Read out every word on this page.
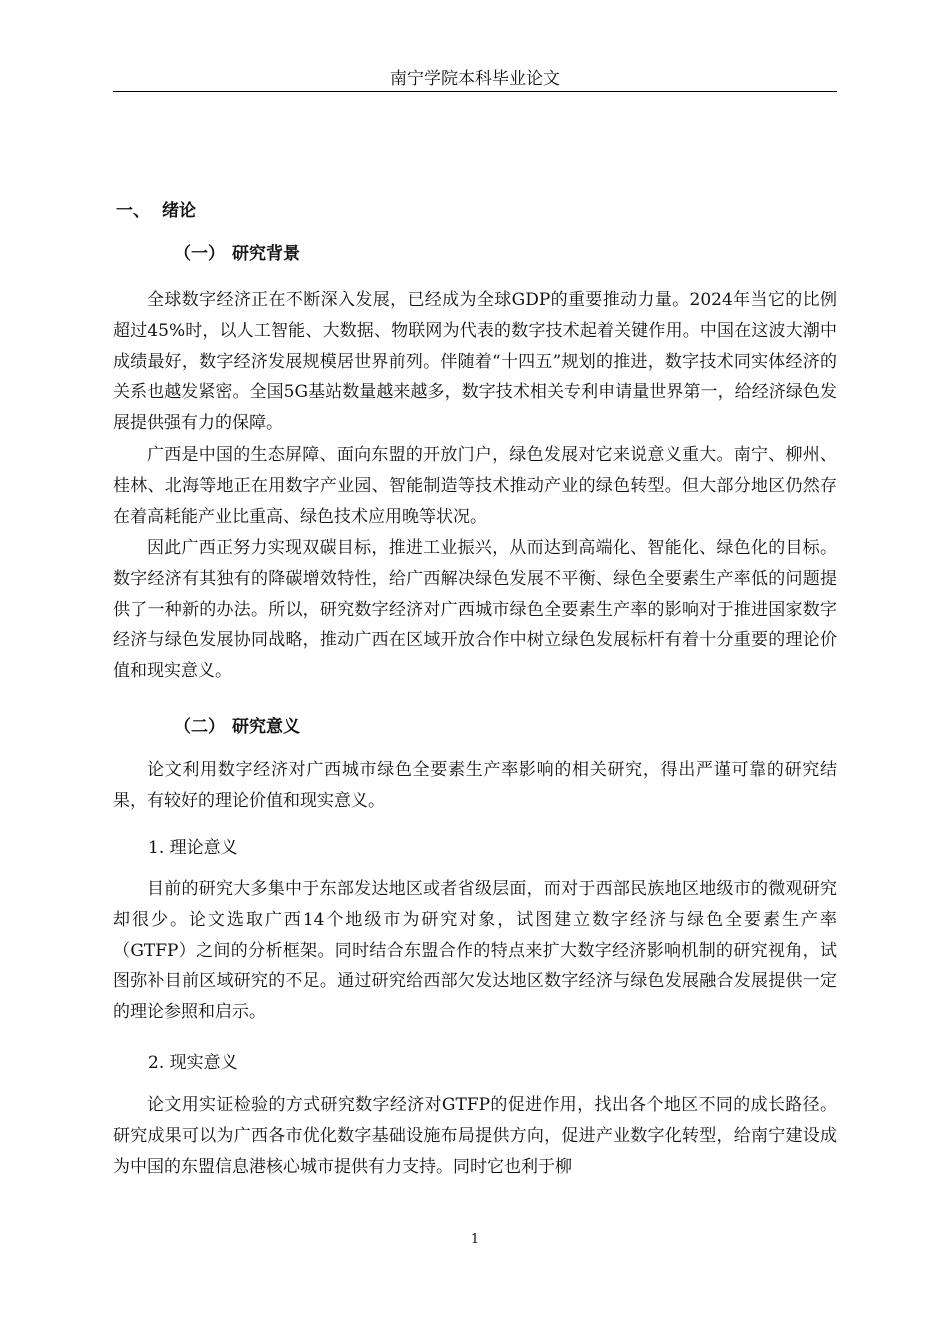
南宁学院本科毕业论文
一、 绪论
（一） 研究背景

全球数字经济正在不断深入发展，已经成为全球GDP的重要推动力量。2024年当它的比例超过45%时，以人工智能、大数据、物联网为代表的数字技术起着关键作用。中国在这波大潮中成绩最好，数字经济发展规模居世界前列。伴随着“十四五”规划的推进，数字技术同实体经济的关系也越发紧密。全国5G基站数量越来越多，数字技术相关专利申请量世界第一，给经济绿色发展提供强有力的保障。

广西是中国的生态屏障、面向东盟的开放门户，绿色发展对它来说意义重大。南宁、柳州、桂林、北海等地正在用数字产业园、智能制造等技术推动产业的绿色转型。但大部分地区仍然存在着高耗能产业比重高、绿色技术应用晚等状况。

因此广西正努力实现双碳目标，推进工业振兴，从而达到高端化、智能化、绿色化的目标。数字经济有其独有的降碳增效特性，给广西解决绿色发展不平衡、绿色全要素生产率低的问题提供了一种新的办法。所以，研究数字经济对广西城市绿色全要素生产率的影响对于推进国家数字经济与绿色发展协同战略，推动广西在区域开放合作中树立绿色发展标杆有着十分重要的理论价值和现实意义。

（二） 研究意义

论文利用数字经济对广西城市绿色全要素生产率影响的相关研究，得出严谨可靠的研究结果，有较好的理论价值和现实意义。

1. 理论意义

目前的研究大多集中于东部发达地区或者省级层面，而对于西部民族地区地级市的微观研究却很少。论文选取广西14个地级市为研究对象，试图建立数字经济与绿色全要素生产率（GTFP）之间的分析框架。同时结合东盟合作的特点来扩大数字经济影响机制的研究视角，试图弥补目前区域研究的不足。通过研究给西部欠发达地区数字经济与绿色发展融合发展提供一定的理论参照和启示。

2. 现实意义

论文用实证检验的方式研究数字经济对GTFP的促进作用，找出各个地区不同的成长路径。研究成果可以为广西各市优化数字基础设施布局提供方向，促进产业数字化转型，给南宁建设成为中国的东盟信息港核心城市提供有力支持。同时它也利于柳

1
